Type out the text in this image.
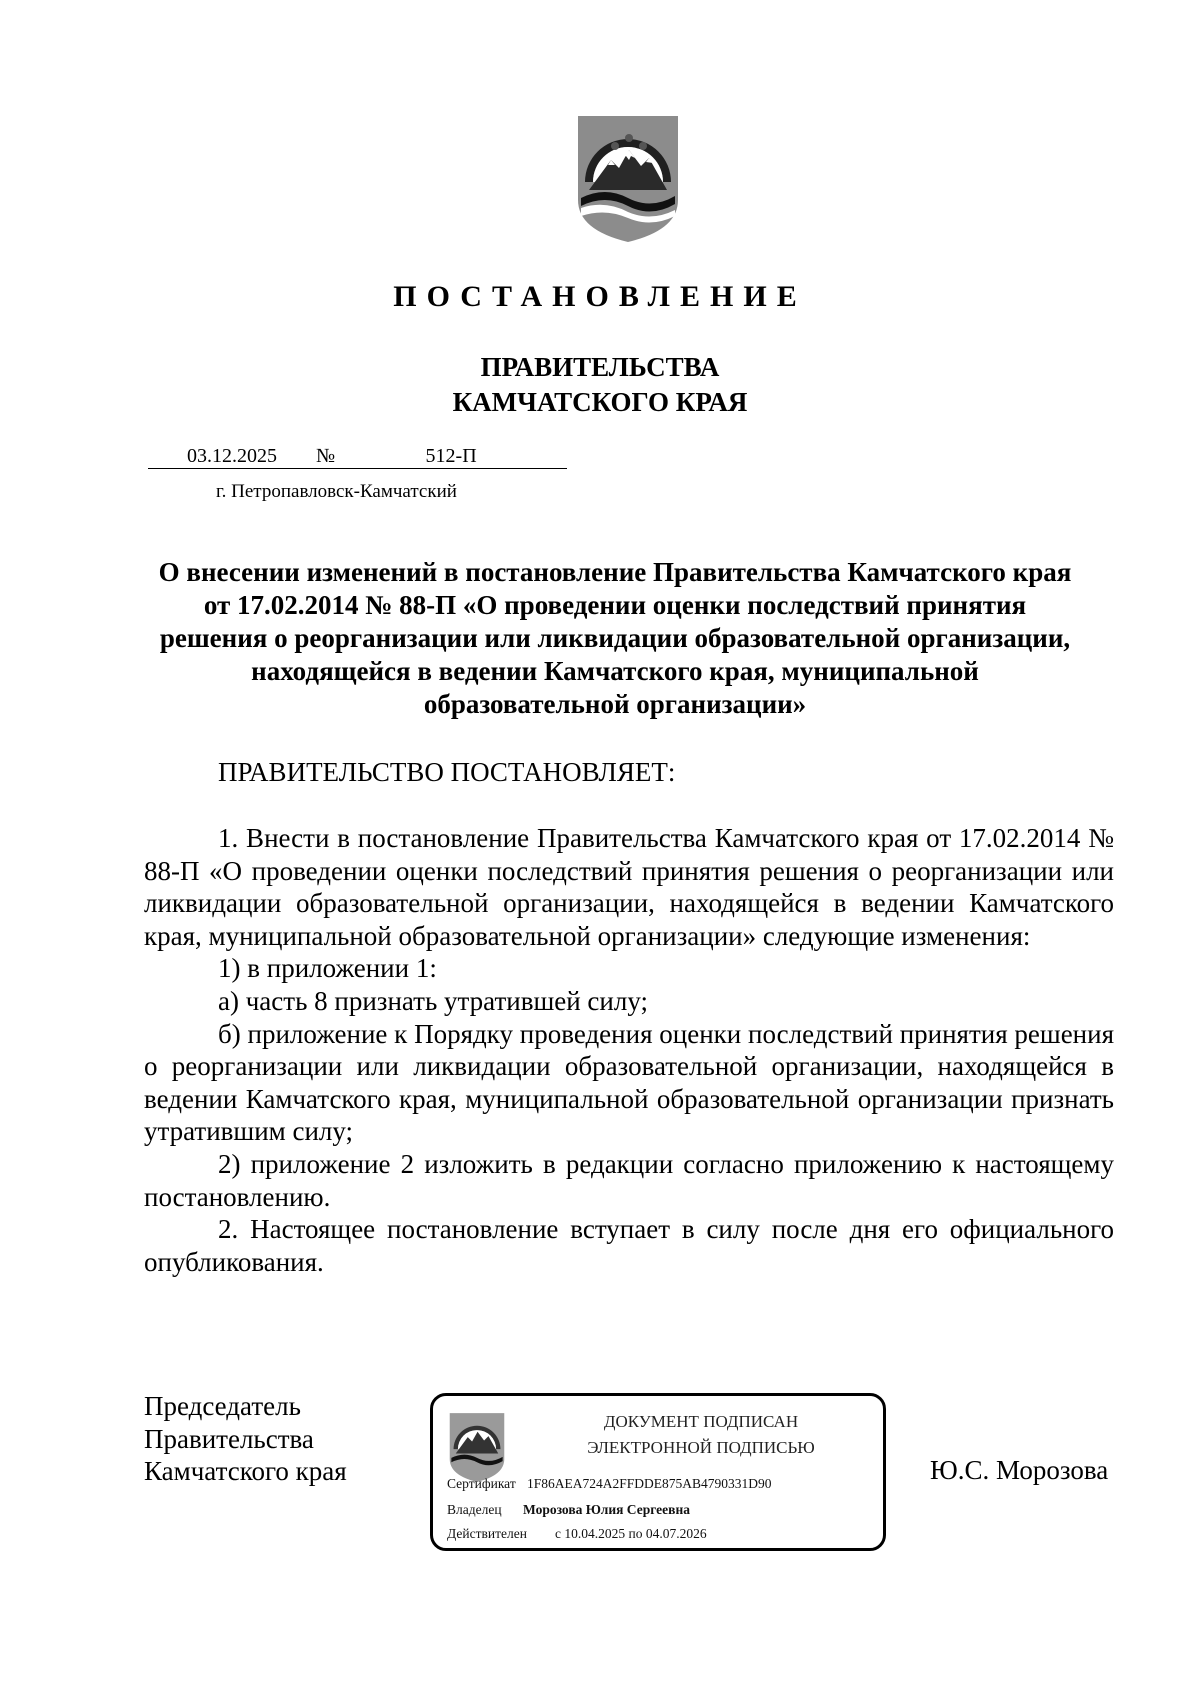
ПОСТАНОВЛЕНИЕ
ПРАВИТЕЛЬСТВА
КАМЧАТСКОГО КРАЯ
03.12.2025 №	512-П
г. Петропавловск-Камчатский
О внесении изменений в постановление Правительства Камчатского края
от 17.02.2014 № 88-П «О проведении оценки последствий принятия
решения о реорганизации или ликвидации образовательной организации,
находящейся в ведении Камчатского края, муниципальной
образовательной организации»
ПРАВИТЕЛЬСТВО ПОСТАНОВЛЯЕТ:

1. Внести в постановление Правительства Камчатского края от 17.02.2014 № 88-П «О проведении оценки последствий принятия решения о реорганизации или ликвидации образовательной организации, находящейся в ведении Камчатского края, муниципальной образовательной организации» следующие изменения:

1) в приложении 1:

а) часть 8 признать утратившей силу;

б) приложение к Порядку проведения оценки последствий принятия решения о реорганизации или ликвидации образовательной организации, находящейся в ведении Камчатского края, муниципальной образовательной организации признать утратившим силу;

2) приложение 2 изложить в редакции согласно приложению к настоящему постановлению.

2. Настоящее постановление вступает в силу после дня его официального опубликования.

Председатель
Правительства
Камчатского края	Ю.С. Морозова
ДОКУМЕНТ ПОДПИСАН
ЭЛЕКТРОННОЙ ПОДПИСЬЮ
Сертификат 1F86AEA724A2FFDDE875AB4790331D90
Владелец Морозова Юлия Сергеевна
Действителен с 10.04.2025 по 04.07.2026
